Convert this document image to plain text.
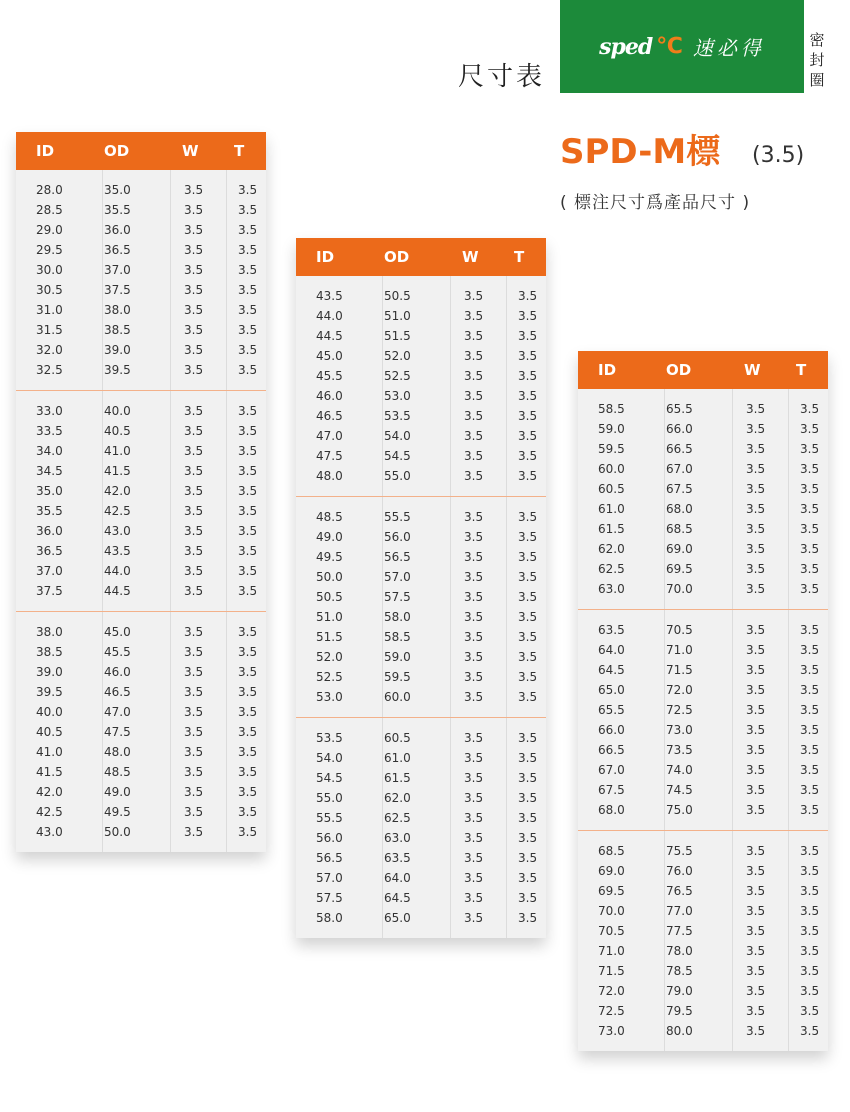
尺寸表
sped ℃ 速必得	密
封
圈
SPD-M標 (3.5)
( 標注尺寸爲產品尺寸 )
ID	OD	W	T
28.0	35.0	3.5	3.5
28.5	35.5	3.5	3.5
29.0	36.0	3.5	3.5
29.5	36.5	3.5	3.5
30.0	37.0	3.5	3.5
30.5	37.5	3.5	3.5
31.0	38.0	3.5	3.5
31.5	38.5	3.5	3.5
32.0	39.0	3.5	3.5
32.5	39.5	3.5	3.5
33.0	40.0	3.5	3.5
33.5	40.5	3.5	3.5
34.0	41.0	3.5	3.5
34.5	41.5	3.5	3.5
35.0	42.0	3.5	3.5
35.5	42.5	3.5	3.5
36.0	43.0	3.5	3.5
36.5	43.5	3.5	3.5
37.0	44.0	3.5	3.5
37.5	44.5	3.5	3.5
38.0	45.0	3.5	3.5
38.5	45.5	3.5	3.5
39.0	46.0	3.5	3.5
39.5	46.5	3.5	3.5
40.0	47.0	3.5	3.5
40.5	47.5	3.5	3.5
41.0	48.0	3.5	3.5
41.5	48.5	3.5	3.5
42.0	49.0	3.5	3.5
42.5	49.5	3.5	3.5
43.0	50.0	3.5	3.5
ID	OD	W	T
43.5	50.5	3.5	3.5
44.0	51.0	3.5	3.5
44.5	51.5	3.5	3.5
45.0	52.0	3.5	3.5
45.5	52.5	3.5	3.5
46.0	53.0	3.5	3.5
46.5	53.5	3.5	3.5
47.0	54.0	3.5	3.5
47.5	54.5	3.5	3.5
48.0	55.0	3.5	3.5
48.5	55.5	3.5	3.5
49.0	56.0	3.5	3.5
49.5	56.5	3.5	3.5
50.0	57.0	3.5	3.5
50.5	57.5	3.5	3.5
51.0	58.0	3.5	3.5
51.5	58.5	3.5	3.5
52.0	59.0	3.5	3.5
52.5	59.5	3.5	3.5
53.0	60.0	3.5	3.5
53.5	60.5	3.5	3.5
54.0	61.0	3.5	3.5
54.5	61.5	3.5	3.5
55.0	62.0	3.5	3.5
55.5	62.5	3.5	3.5
56.0	63.0	3.5	3.5
56.5	63.5	3.5	3.5
57.0	64.0	3.5	3.5
57.5	64.5	3.5	3.5
58.0	65.0	3.5	3.5
ID	OD	W	T
58.5	65.5	3.5	3.5
59.0	66.0	3.5	3.5
59.5	66.5	3.5	3.5
60.0	67.0	3.5	3.5
60.5	67.5	3.5	3.5
61.0	68.0	3.5	3.5
61.5	68.5	3.5	3.5
62.0	69.0	3.5	3.5
62.5	69.5	3.5	3.5
63.0	70.0	3.5	3.5
63.5	70.5	3.5	3.5
64.0	71.0	3.5	3.5
64.5	71.5	3.5	3.5
65.0	72.0	3.5	3.5
65.5	72.5	3.5	3.5
66.0	73.0	3.5	3.5
66.5	73.5	3.5	3.5
67.0	74.0	3.5	3.5
67.5	74.5	3.5	3.5
68.0	75.0	3.5	3.5
68.5	75.5	3.5	3.5
69.0	76.0	3.5	3.5
69.5	76.5	3.5	3.5
70.0	77.0	3.5	3.5
70.5	77.5	3.5	3.5
71.0	78.0	3.5	3.5
71.5	78.5	3.5	3.5
72.0	79.0	3.5	3.5
72.5	79.5	3.5	3.5
73.0	80.0	3.5	3.5
